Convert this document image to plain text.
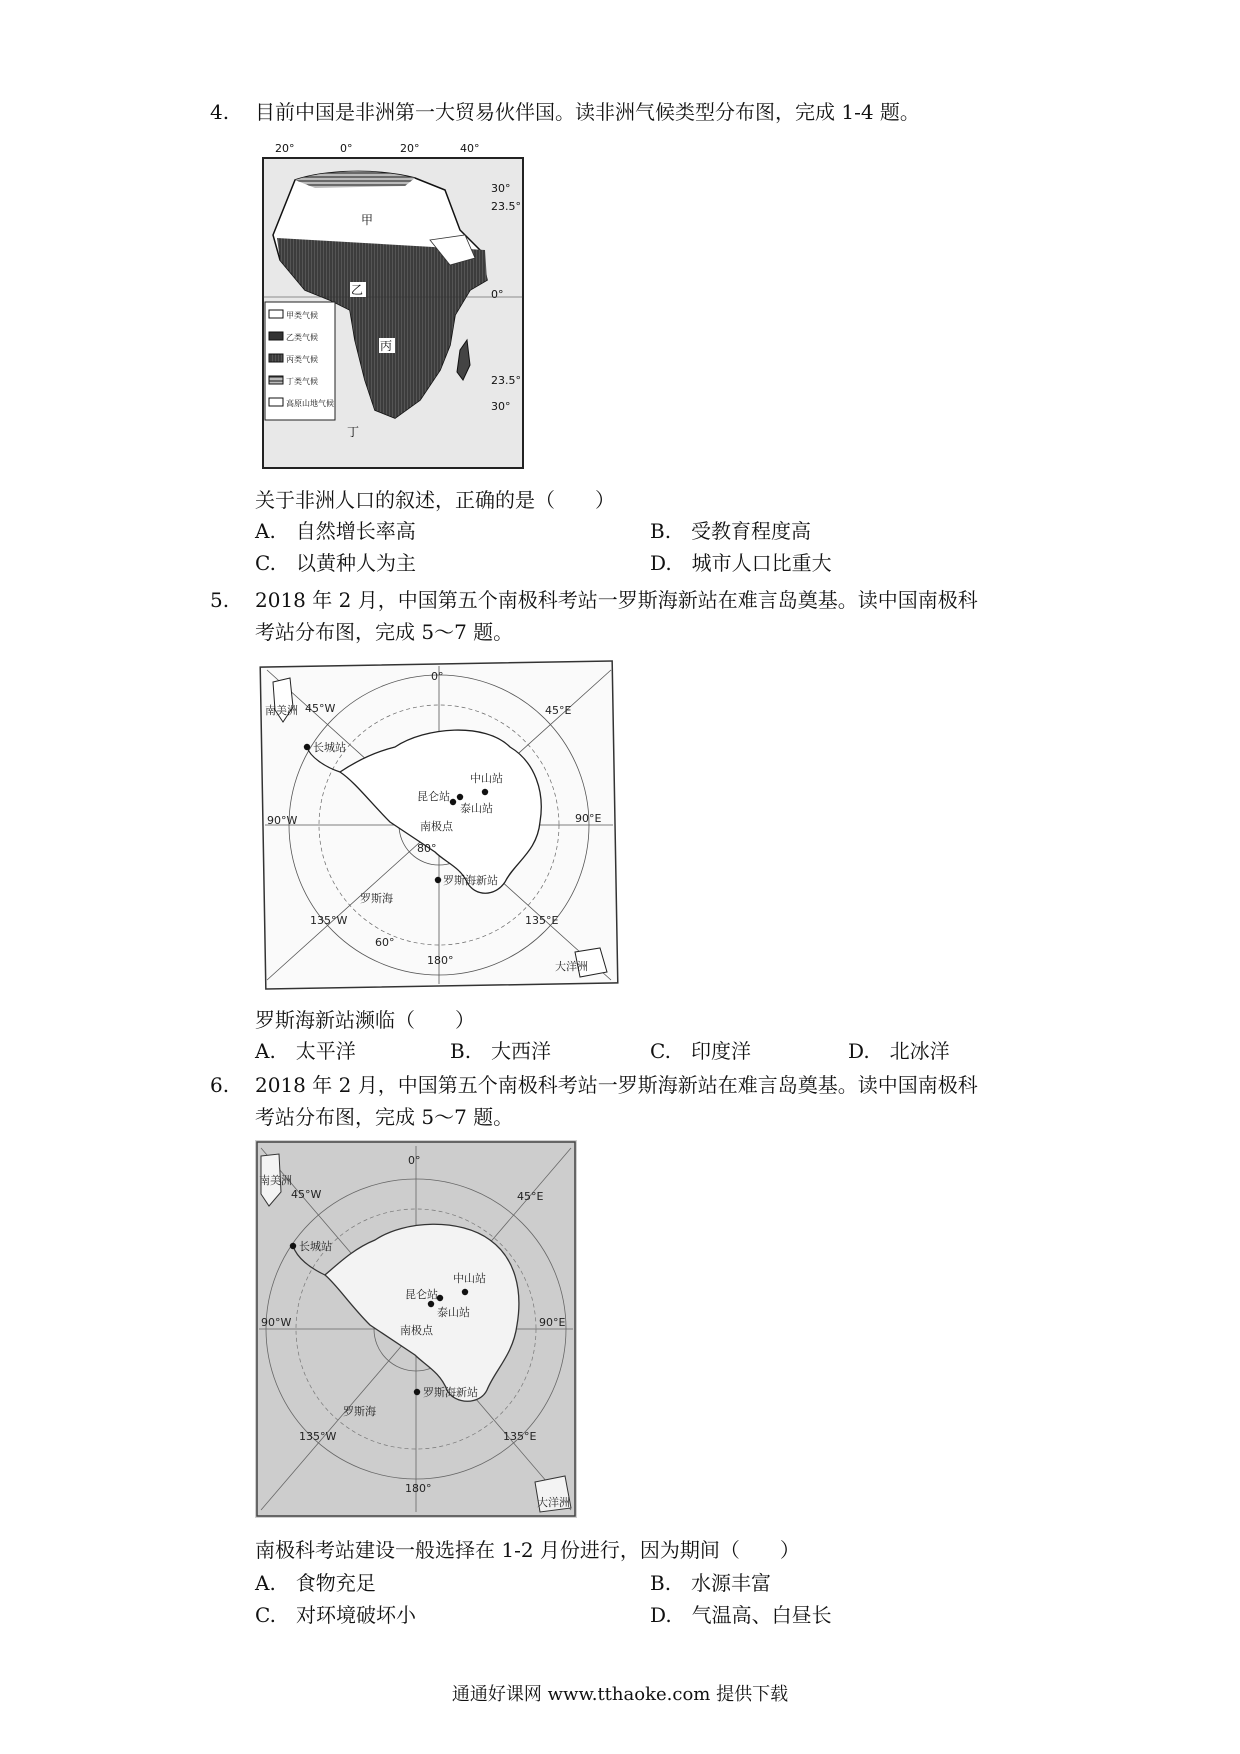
4. 目前中国是非洲第一大贸易伙伴国。读非洲气候类型分布图，完成 1-4 题。
20°	0°	20°	40°
30°
23.5°
0°
23.5°
30°
甲
乙
丙
丁
甲类气候
乙类气候
丙类气候
丁类气候
高原山地气候
关于非洲人口的叙述，正确的是（　　）
A.　自然增长率高	B.　受教育程度高
C.　以黄种人为主	D.　城市人口比重大
5. 2018 年 2 月，中国第五个南极科考站一罗斯海新站在难言岛奠基。读中国南极科
考站分布图，完成 5～7 题。
0°
45°E
90°E
135°E
180°
135°W
90°W
45°W
60°
80°
南美洲
大洋洲
罗斯海
南极点
长城站
昆仑站
中山站
泰山站
罗斯海新站
罗斯海新站濒临（　　）
A.　太平洋	B.　大西洋	C.　印度洋	D.　北冰洋
6. 2018 年 2 月，中国第五个南极科考站一罗斯海新站在难言岛奠基。读中国南极科
考站分布图，完成 5～7 题。
0°
45°E
90°E
135°E
180°
135°W
90°W
45°W
南美洲
大洋洲
罗斯海
南极点
长城站
昆仑站
中山站
泰山站
罗斯海新站
南极科考站建设一般选择在 1-2 月份进行，因为期间（　　）
A.　食物充足	B.　水源丰富
C.　对环境破坏小	D.　气温高、白昼长
通通好课网 www.tthaoke.com 提供下载
